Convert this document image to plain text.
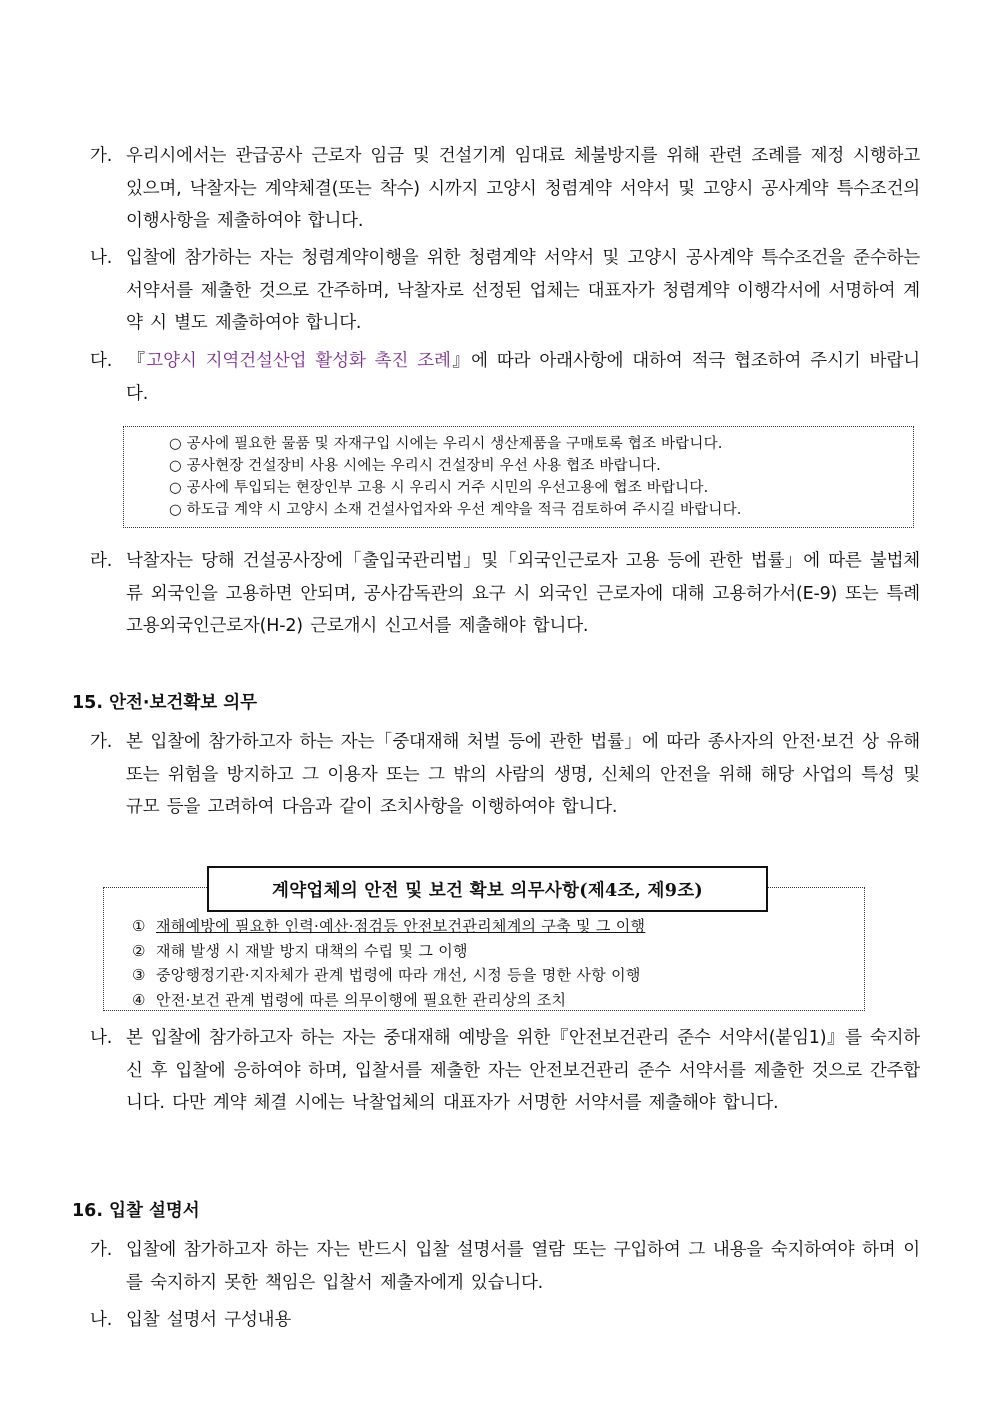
가. 우리시에서는 관급공사 근로자 임금 및 건설기계 임대료 체불방지를 위해 관련 조례를 제정 시행하고 있으며, 낙찰자는 계약체결(또는 착수) 시까지 고양시 청렴계약 서약서 및 고양시 공사계약 특수조건의 이행사항을 제출하여야 합니다.
나. 입찰에 참가하는 자는 청렴계약이행을 위한 청렴계약 서약서 및 고양시 공사계약 특수조건을 준수하는 서약서를 제출한 것으로 간주하며, 낙찰자로 선정된 업체는 대표자가 청렴계약 이행각서에 서명하여 계약 시 별도 제출하여야 합니다.
다. 『고양시 지역건설산업 활성화 촉진 조례』에 따라 아래사항에 대하여 적극 협조하여 주시기 바랍니다.
○ 공사에 필요한 물품 및 자재구입 시에는 우리시 생산제품을 구매토록 협조 바랍니다.
○ 공사현장 건설장비 사용 시에는 우리시 건설장비 우선 사용 협조 바랍니다.
○ 공사에 투입되는 현장인부 고용 시 우리시 거주 시민의 우선고용에 협조 바랍니다.
○ 하도급 계약 시 고양시 소재 건설사업자와 우선 계약을 적극 검토하여 주시길 바랍니다.
라. 낙찰자는 당해 건설공사장에「출입국관리법」및「외국인근로자 고용 등에 관한 법률」에 따른 불법체류 외국인을 고용하면 안되며, 공사감독관의 요구 시 외국인 근로자에 대해 고용허가서(E-9) 또는 특례고용외국인근로자(H-2) 근로개시 신고서를 제출해야 합니다.
15. 안전·보건확보 의무
가. 본 입찰에 참가하고자 하는 자는「중대재해 처벌 등에 관한 법률」에 따라 종사자의 안전‧보건 상 유해 또는 위험을 방지하고 그 이용자 또는 그 밖의 사람의 생명, 신체의 안전을 위해 해당 사업의 특성 및 규모 등을 고려하여 다음과 같이 조치사항을 이행하여야 합니다.
① 재해예방에 필요한 인력·예산·점검등 안전보건관리체계의 구축 및 그 이행
② 재해 발생 시 재발 방지 대책의 수립 및 그 이행
③ 중앙행정기관·지자체가 관계 법령에 따라 개선, 시정 등을 명한 사항 이행
④ 안전·보건 관계 법령에 따른 의무이행에 필요한 관리상의 조치
계약업체의 안전 및 보건 확보 의무사항(제4조, 제9조)
나. 본 입찰에 참가하고자 하는 자는 중대재해 예방을 위한『안전보건관리 준수 서약서(붙임1)』를 숙지하신 후 입찰에 응하여야 하며, 입찰서를 제출한 자는 안전보건관리 준수 서약서를 제출한 것으로 간주합니다. 다만 계약 체결 시에는 낙찰업체의 대표자가 서명한 서약서를 제출해야 합니다.
16. 입찰 설명서
가. 입찰에 참가하고자 하는 자는 반드시 입찰 설명서를 열람 또는 구입하여 그 내용을 숙지하여야 하며 이를 숙지하지 못한 책임은 입찰서 제출자에게 있습니다.
나. 입찰 설명서 구성내용
